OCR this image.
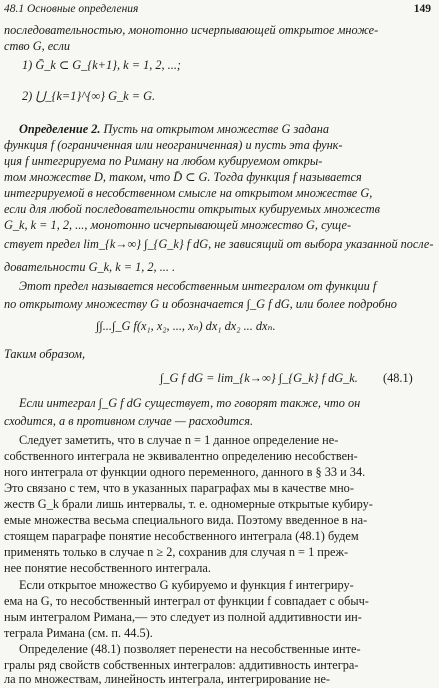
48.1 Основные определения	149
последовательностью, монотонно исчерпывающей открытое множе-
ство G, если
1) Ḡ_k ⊂ G_{k+1}, k = 1, 2, ...;
2) ⋃_{k=1}^{∞} G_k = G.
Определение 2. Пусть на открытом множестве G задана
функция f (ограниченная или неограниченная) и пусть эта функ-
ция f интегрируема по Риману на любом кубируемом откры-
том множестве D, таком, что D̄ ⊂ G. Тогда функция f называется
интегрируемой в несобственном смысле на открытом множестве G,
если для любой последовательности открытых кубируемых множеств
G_k, k = 1, 2, ..., монотонно исчерпывающей множество G, суще-
ствует предел lim_{k→∞} ∫_{G_k} f dG, не зависящий от выбора указанной после-
довательности G_k, k = 1, 2, ... .
Этот предел называется несобственным интегралом от функции f
по открытому множеству G и обозначается ∫_G f dG, или более подробно
∫∫...∫_G f(x₁, x₂, ..., xₙ) dx₁ dx₂ ... dxₙ.
Таким образом,
∫_G f dG = lim_{k→∞} ∫_{G_k} f dG_k. (48.1)
Если интеграл ∫_G f dG существует, то говорят также, что он
сходится, а в противном случае — расходится.
Следует заметить, что в случае n = 1 данное определение не-
собственного интеграла не эквивалентно определению несобствен-
ного интеграла от функции одного переменного, данного в § 33 и 34.
Это связано с тем, что в указанных параграфах мы в качестве мно-
жеств G_k брали лишь интервалы, т. е. одномерные открытые кубиру-
емые множества весьма специального вида. Поэтому введенное в на-
стоящем параграфе понятие несобственного интеграла (48.1) будем
применять только в случае n ≥ 2, сохранив для случая n = 1 преж-
нее понятие несобственного интеграла.
Если открытое множество G кубируемо и функция f интегриру-
ема на G, то несобственный интеграл от функции f совпадает с обыч-
ным интегралом Римана,— это следует из полной аддитивности ин-
теграла Римана (см. п. 44.5).
Определение (48.1) позволяет перенести на несобственные инте-
гралы ряд свойств собственных интегралов: аддитивность интегра-
ла по множествам, линейность интеграла, интегрирование не-
